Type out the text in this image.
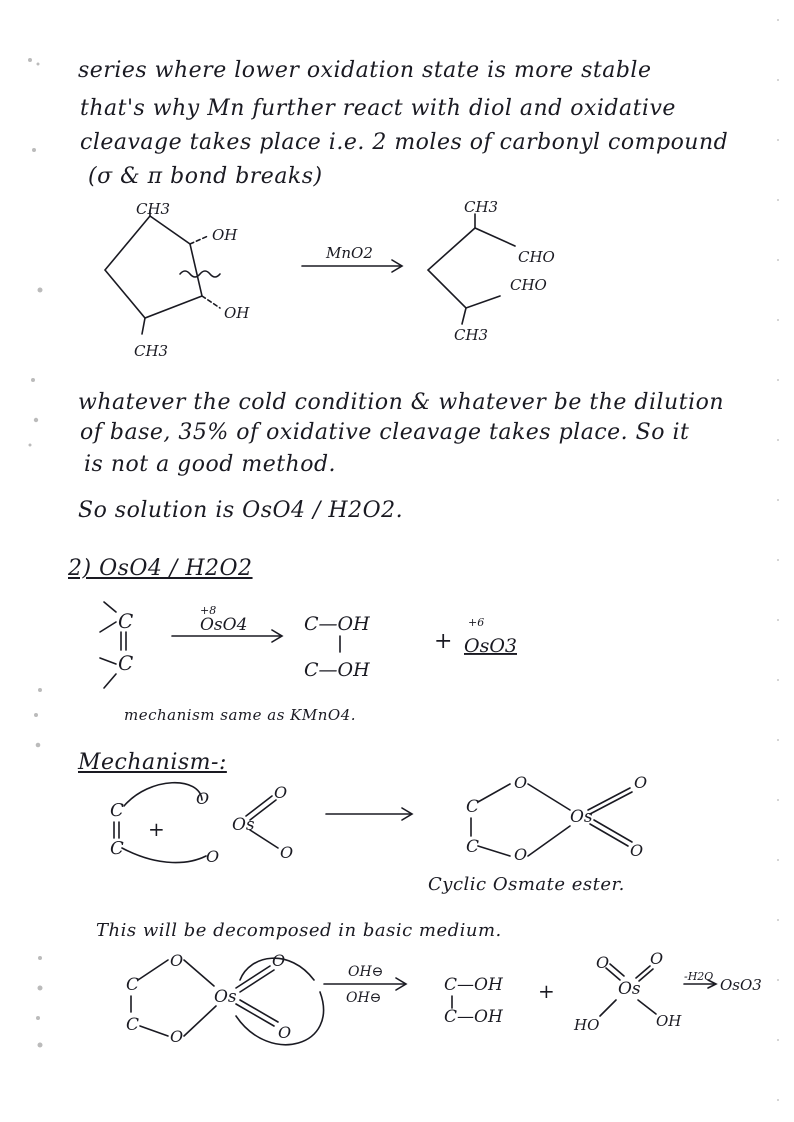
series where lower oxidation state is more stable
that's why Mn further react with diol and oxidative
cleavage takes place i.e. 2 moles of carbonyl compound
(σ & π bond breaks)
CH3
OH
OH
CH3
MnO2
CH3
CHO
CHO
CH3
whatever the cold condition & whatever be the dilution
of base, 35% of oxidative cleavage takes place. So it
is not a good method.
So solution is OsO4 / H2O2.
2) OsO4 / H2O2
C
C
+8
OsO4	C—OH
C—OH
+
+6
OsO3
mechanism same as KMnO4.
Mechanism-:
C
C
+
O
Os
O
O
O
C
C
O
O
Os
O
O
Cyclic Osmate ester.
This will be decomposed in basic medium.
C
C
O
O
Os
O
O
OH⊖
OH⊖
C—OH
C—OH
+
O
Os
O
HO	OH
-H2O OsO3
